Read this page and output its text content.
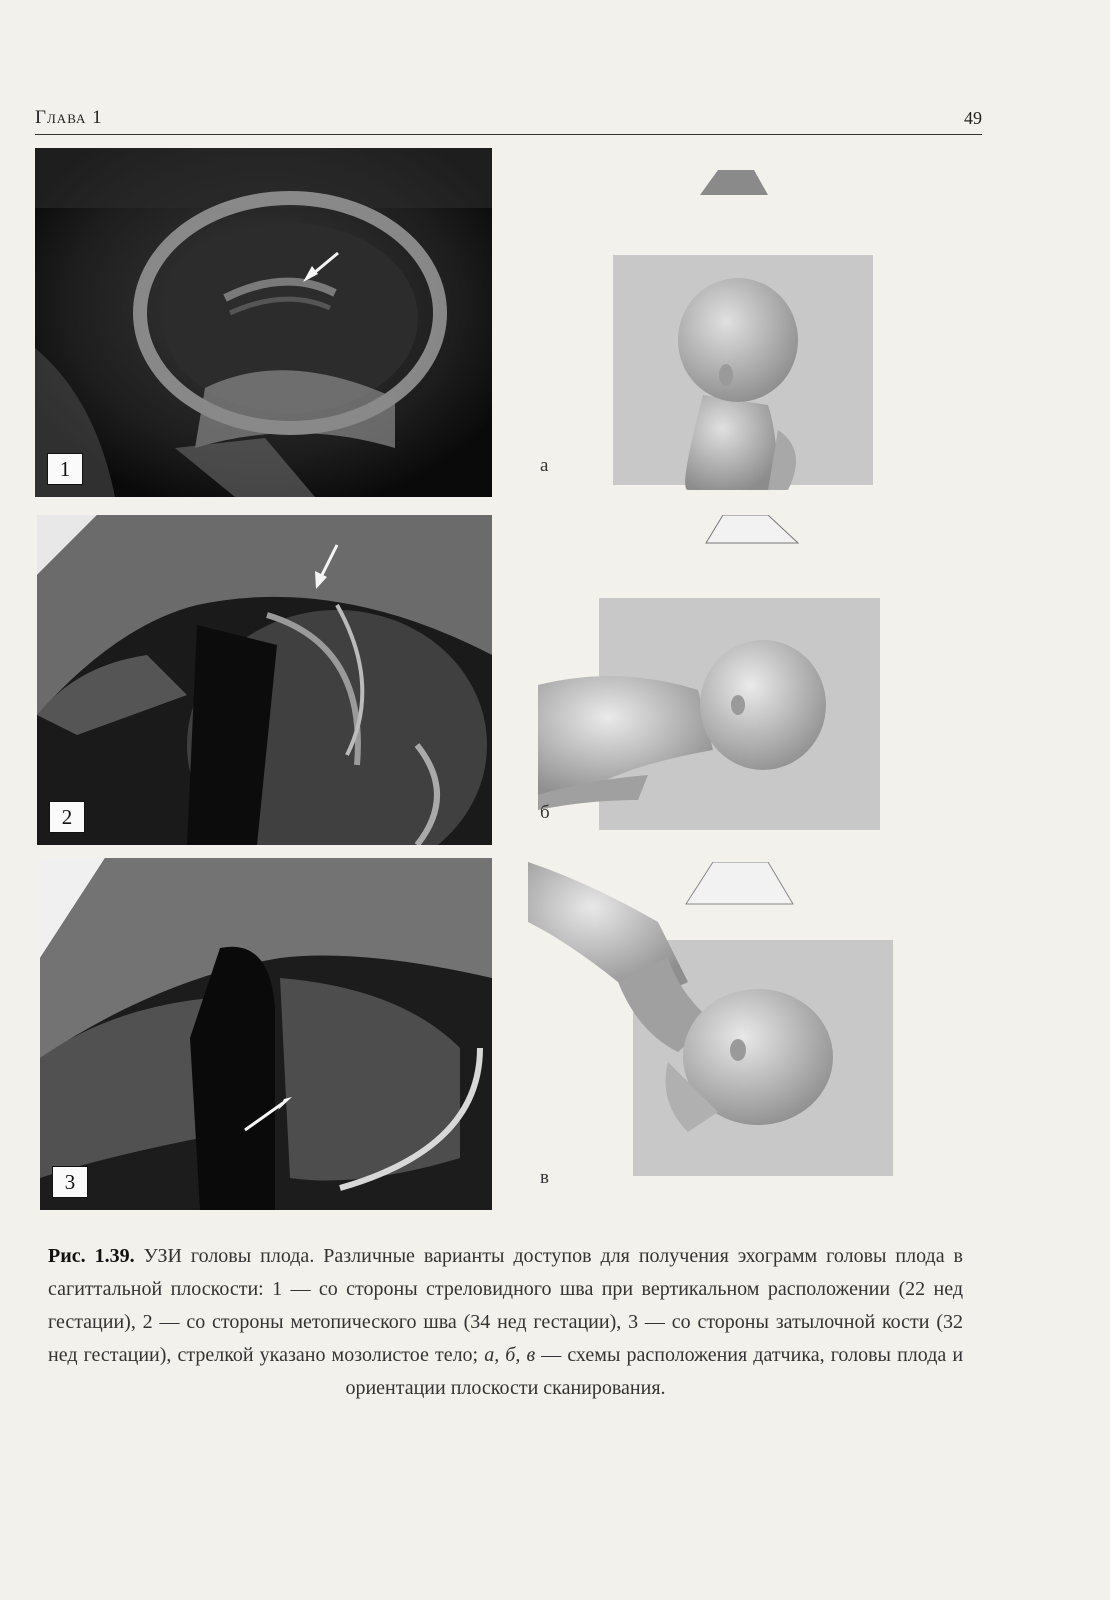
Глава 1	49
1
2
3
а
б
в
Рис. 1.39. УЗИ головы плода. Различные варианты доступов для получения эхограмм головы плода в сагиттальной плоскости: 1 — со стороны стреловидного шва при вертикальном расположении (22 нед гестации), 2 — со стороны метопического шва (34 нед гестации), 3 — со стороны затылочной кости (32 нед гестации), стрелкой указано мозолистое тело; а, б, в — схемы расположения датчика, головы плода и ориентации плоскости сканирования.
